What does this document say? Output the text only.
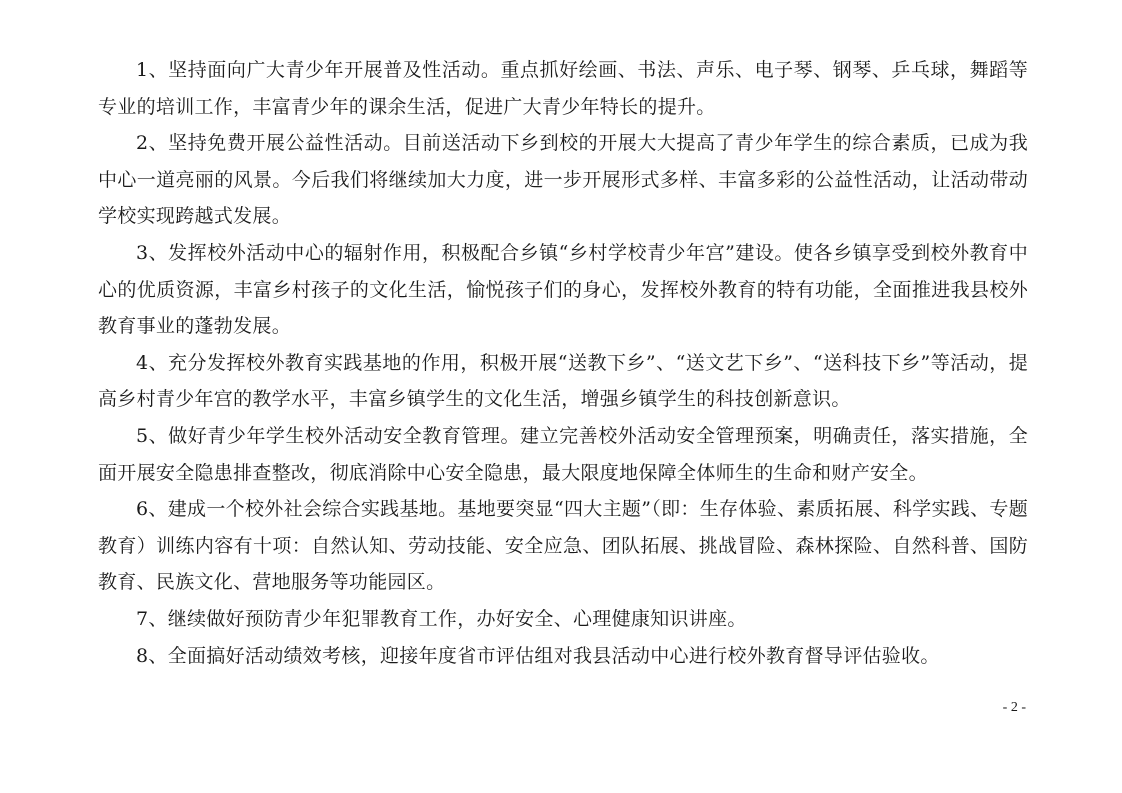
1、坚持面向广大青少年开展普及性活动。重点抓好绘画、书法、声乐、电子琴、钢琴、乒乓球，舞蹈等专业的培训工作，丰富青少年的课余生活，促进广大青少年特长的提升。

2、坚持免费开展公益性活动。目前送活动下乡到校的开展大大提高了青少年学生的综合素质，已成为我中心一道亮丽的风景。今后我们将继续加大力度，进一步开展形式多样、丰富多彩的公益性活动，让活动带动学校实现跨越式发展。

3、发挥校外活动中心的辐射作用，积极配合乡镇“乡村学校青少年宫”建设。使各乡镇享受到校外教育中心的优质资源，丰富乡村孩子的文化生活，愉悦孩子们的身心，发挥校外教育的特有功能，全面推进我县校外教育事业的蓬勃发展。

4、充分发挥校外教育实践基地的作用，积极开展“送教下乡”、“送文艺下乡”、“送科技下乡”等活动，提高乡村青少年宫的教学水平，丰富乡镇学生的文化生活，增强乡镇学生的科技创新意识。

5、做好青少年学生校外活动安全教育管理。建立完善校外活动安全管理预案，明确责任，落实措施，全面开展安全隐患排查整改，彻底消除中心安全隐患，最大限度地保障全体师生的生命和财产安全。

6、建成一个校外社会综合实践基地。基地要突显“四大主题”（即：生存体验、素质拓展、科学实践、专题教育）训练内容有十项：自然认知、劳动技能、安全应急、团队拓展、挑战冒险、森林探险、自然科普、国防教育、民族文化、营地服务等功能园区。

7、继续做好预防青少年犯罪教育工作，办好安全、心理健康知识讲座。

8、全面搞好活动绩效考核，迎接年度省市评估组对我县活动中心进行校外教育督导评估验收。

- 2 -
